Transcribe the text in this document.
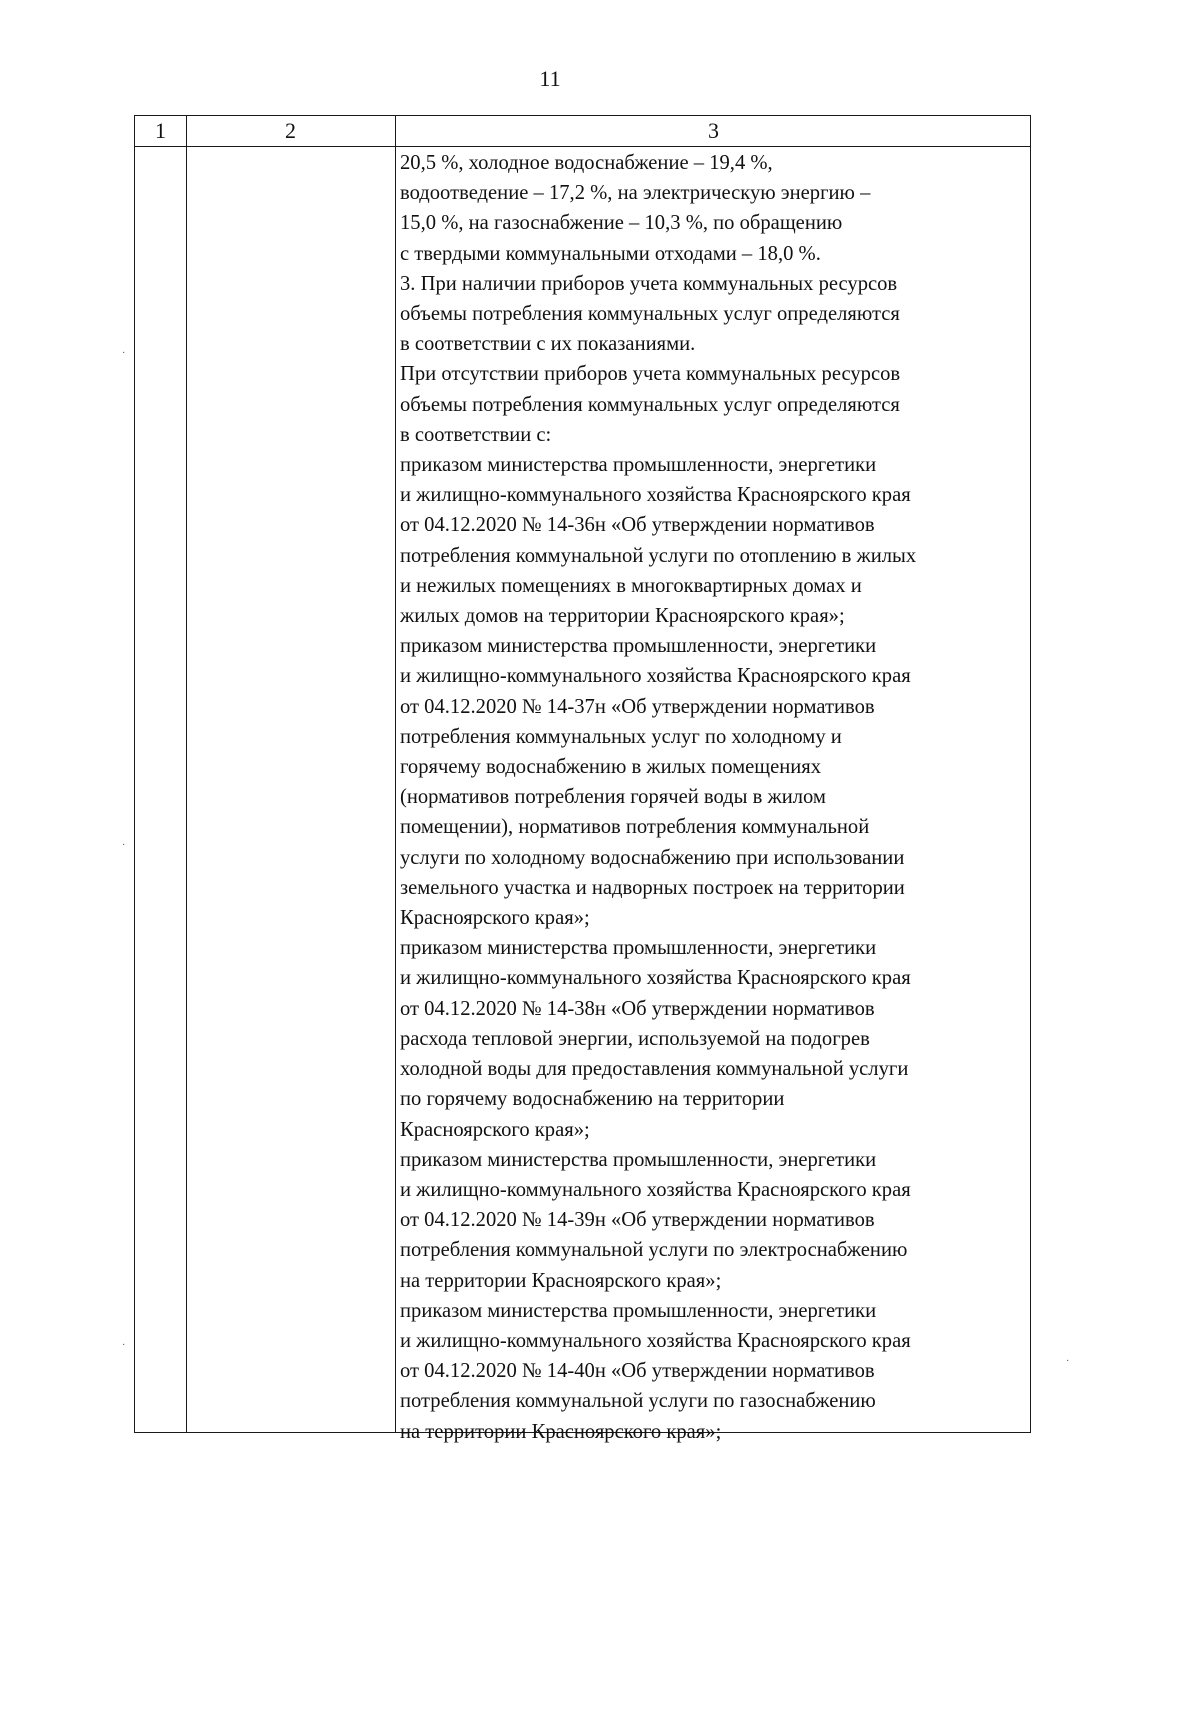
11
1	2	3
20,5 %, холодное водоснабжение – 19,4 %,
водоотведение – 17,2 %, на электрическую энергию –
15,0 %, на газоснабжение – 10,3 %, по обращению
с твердыми коммунальными отходами – 18,0 %.
3. При наличии приборов учета коммунальных ресурсов
объемы потребления коммунальных услуг определяются
в соответствии с их показаниями.
При отсутствии приборов учета коммунальных ресурсов
объемы потребления коммунальных услуг определяются
в соответствии с:
приказом министерства промышленности, энергетики
и жилищно-коммунального хозяйства Красноярского края
от 04.12.2020 № 14-36н «Об утверждении нормативов
потребления коммунальной услуги по отоплению в жилых
и нежилых помещениях в многоквартирных домах и
жилых домов на территории Красноярского края»;
приказом министерства промышленности, энергетики
и жилищно-коммунального хозяйства Красноярского края
от 04.12.2020 № 14-37н «Об утверждении нормативов
потребления коммунальных услуг по холодному и
горячему водоснабжению в жилых помещениях
(нормативов потребления горячей воды в жилом
помещении), нормативов потребления коммунальной
услуги по холодному водоснабжению при использовании
земельного участка и надворных построек на территории
Красноярского края»;
приказом министерства промышленности, энергетики
и жилищно-коммунального хозяйства Красноярского края
от 04.12.2020 № 14-38н «Об утверждении нормативов
расхода тепловой энергии, используемой на подогрев
холодной воды для предоставления коммунальной услуги
по горячему водоснабжению на территории
Красноярского края»;
приказом министерства промышленности, энергетики
и жилищно-коммунального хозяйства Красноярского края
от 04.12.2020 № 14-39н «Об утверждении нормативов
потребления коммунальной услуги по электроснабжению
на территории Красноярского края»;
приказом министерства промышленности, энергетики
и жилищно-коммунального хозяйства Красноярского края
от 04.12.2020 № 14-40н «Об утверждении нормативов
потребления коммунальной услуги по газоснабжению
на территории Красноярского края»;
·
·
·
·
